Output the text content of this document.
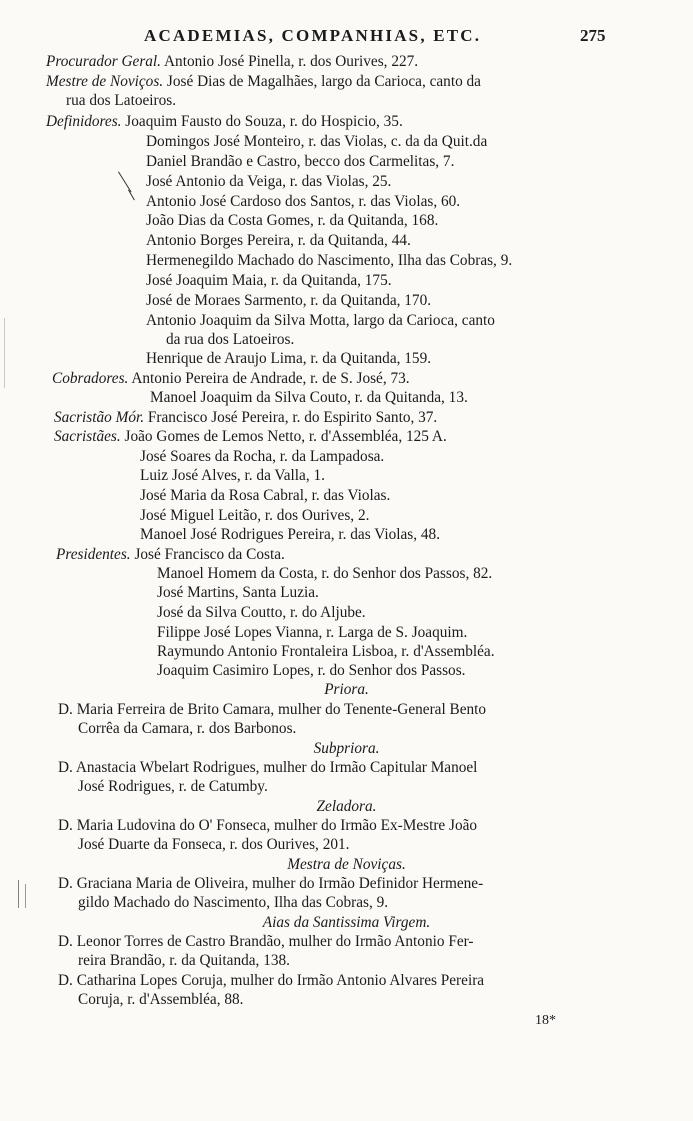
ACADEMIAS, COMPANHIAS, ETC.	275
Procurador Geral. Antonio José Pinella, r. dos Ourives, 227.
Mestre de Noviços. José Dias de Magalhães, largo da Carioca, canto da
rua dos Latoeiros.
Definidores. Joaquim Fausto do Souza, r. do Hospicio, 35.
Domingos José Monteiro, r. das Violas, c. da da Quit.da
Daniel Brandão e Castro, becco dos Carmelitas, 7.
José Antonio da Veiga, r. das Violas, 25.
Antonio José Cardoso dos Santos, r. das Violas, 60.
João Dias da Costa Gomes, r. da Quitanda, 168.
Antonio Borges Pereira, r. da Quitanda, 44.
Hermenegildo Machado do Nascimento, Ilha das Cobras, 9.
José Joaquim Maia, r. da Quitanda, 175.
José de Moraes Sarmento, r. da Quitanda, 170.
Antonio Joaquim da Silva Motta, largo da Carioca, canto
da rua dos Latoeiros.
Henrique de Araujo Lima, r. da Quitanda, 159.
Cobradores. Antonio Pereira de Andrade, r. de S. José, 73.
Manoel Joaquim da Silva Couto, r. da Quitanda, 13.
Sacristão Mór. Francisco José Pereira, r. do Espirito Santo, 37.
Sacristães. João Gomes de Lemos Netto, r. d'Assembléa, 125 A.
José Soares da Rocha, r. da Lampadosa.
Luiz José Alves, r. da Valla, 1.
José Maria da Rosa Cabral, r. das Violas.
José Miguel Leitão, r. dos Ourives, 2.
Manoel José Rodrigues Pereira, r. das Violas, 48.
Presidentes. José Francisco da Costa.
Manoel Homem da Costa, r. do Senhor dos Passos, 82.
José Martins, Santa Luzia.
José da Silva Coutto, r. do Aljube.
Filippe José Lopes Vianna, r. Larga de S. Joaquim.
Raymundo Antonio Frontaleira Lisboa, r. d'Assembléa.
Joaquim Casimiro Lopes, r. do Senhor dos Passos.
Priora.
D. Maria Ferreira de Brito Camara, mulher do Tenente-General Bento
Corrêa da Camara, r. dos Barbonos.
Subpriora.
D. Anastacia Wbelart Rodrigues, mulher do Irmão Capitular Manoel
José Rodrigues, r. de Catumby.
Zeladora.
D. Maria Ludovina do O' Fonseca, mulher do Irmão Ex-Mestre João
José Duarte da Fonseca, r. dos Ourives, 201.
Mestra de Noviças.
D. Graciana Maria de Oliveira, mulher do Irmão Definidor Hermene-
gildo Machado do Nascimento, Ilha das Cobras, 9.
Aias da Santissima Virgem.
D. Leonor Torres de Castro Brandão, mulher do Irmão Antonio Fer-
reira Brandão, r. da Quitanda, 138.
D. Catharina Lopes Coruja, mulher do Irmão Antonio Alvares Pereira
Coruja, r. d'Assembléa, 88.
18*
